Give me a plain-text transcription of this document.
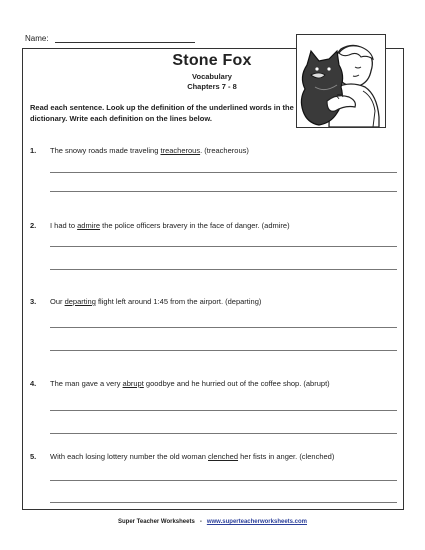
Name:
Stone Fox
Vocabulary
Chapters 7 - 8
Read each sentence. Look up the definition of the underlined words in the dictionary. Write each definition on the lines below.
1. The snowy roads made traveling treacherous. (treacherous)
2. I had to admire the police officers bravery in the face of danger. (admire)
3. Our departing flight left around 1:45 from the airport. (departing)
4. The man gave a very abrupt goodbye and he hurried out of the coffee shop. (abrupt)
5. With each losing lottery number the old woman clenched her fists in anger. (clenched)
Super Teacher Worksheets - www.superteacherworksheets.com
